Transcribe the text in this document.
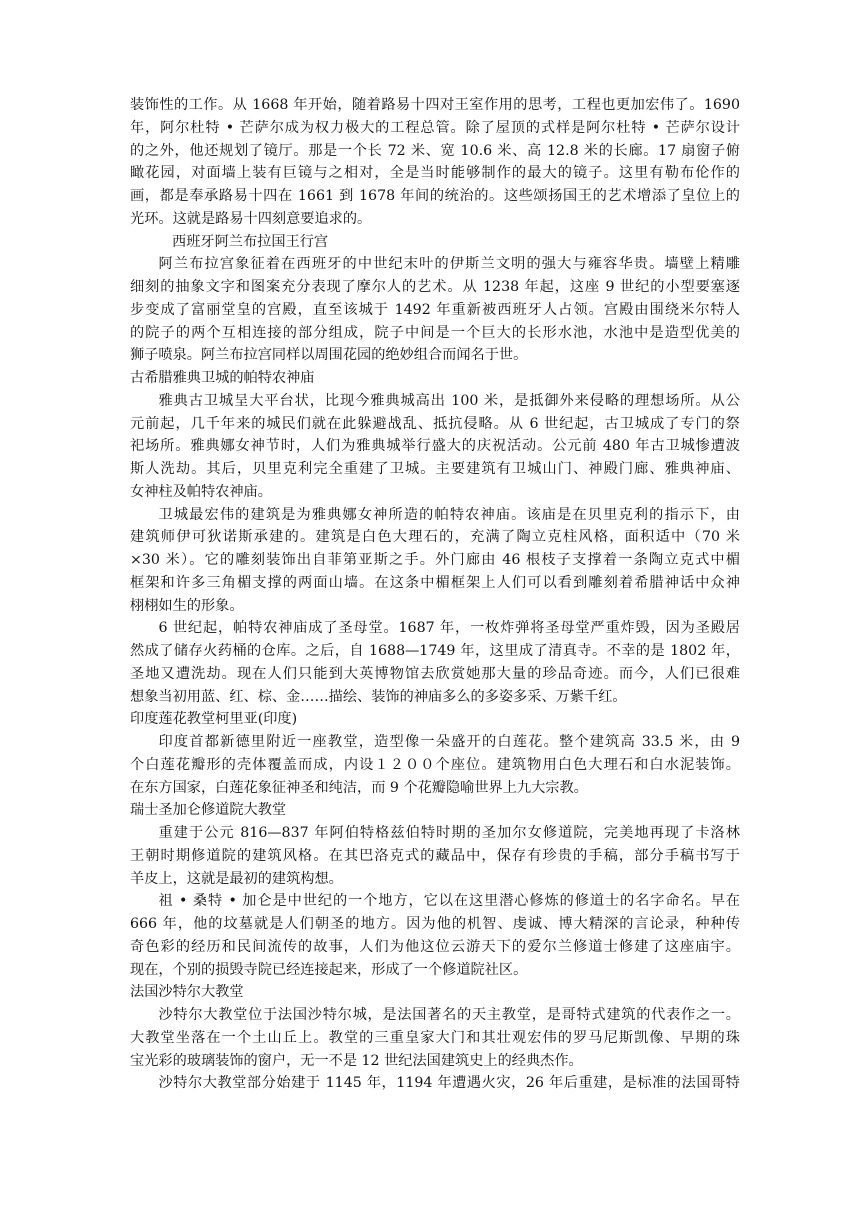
装饰性的工作。从 1668 年开始，随着路易十四对王室作用的思考，工程也更加宏伟了。1690
年，阿尔杜特 • 芒萨尔成为权力极大的工程总管。除了屋顶的式样是阿尔杜特 • 芒萨尔设计
的之外，他还规划了镜厅。那是一个长 72 米、宽 10.6 米、高 12.8 米的长廊。17 扇窗子俯
瞰花园，对面墙上装有巨镜与之相对，全是当时能够制作的最大的镜子。这里有勒布伦作的
画，都是奉承路易十四在 1661 到 1678 年间的统治的。这些颂扬国王的艺术增添了皇位上的
光环。这就是路易十四刻意要追求的。
西班牙阿兰布拉国王行宫
阿兰布拉宫象征着在西班牙的中世纪末叶的伊斯兰文明的强大与雍容华贵。墙壁上精雕
细刻的抽象文字和图案充分表现了摩尔人的艺术。从 1238 年起，这座 9 世纪的小型要塞逐
步变成了富丽堂皇的宫殿，直至该城于 1492 年重新被西班牙人占领。宫殿由围绕米尔特人
的院子的两个互相连接的部分组成，院子中间是一个巨大的长形水池，水池中是造型优美的
狮子喷泉。阿兰布拉宫同样以周围花园的绝妙组合而闻名于世。
古希腊雅典卫城的帕特农神庙
雅典古卫城呈大平台状，比现今雅典城高出 100 米，是抵御外来侵略的理想场所。从公
元前起，几千年来的城民们就在此躲避战乱、抵抗侵略。从 6 世纪起，古卫城成了专门的祭
祀场所。雅典娜女神节时，人们为雅典城举行盛大的庆祝活动。公元前 480 年古卫城惨遭波
斯人洗劫。其后，贝里克利完全重建了卫城。主要建筑有卫城山门、神殿门廊、雅典神庙、
女神柱及帕特农神庙。
卫城最宏伟的建筑是为雅典娜女神所造的帕特农神庙。该庙是在贝里克利的指示下，由
建筑师伊可狄诺斯承建的。建筑是白色大理石的，充满了陶立克柱风格，面积适中（70 米
×30 米）。它的雕刻装饰出自菲第亚斯之手。外门廊由 46 根枝子支撑着一条陶立克式中楣
框架和许多三角楣支撑的两面山墙。在这条中楣框架上人们可以看到雕刻着希腊神话中众神
栩栩如生的形象。
6 世纪起，帕特农神庙成了圣母堂。1687 年，一枚炸弹将圣母堂严重炸毁，因为圣殿居
然成了储存火药桶的仓库。之后，自 1688—1749 年，这里成了清真寺。不幸的是 1802 年，
圣地又遭洗劫。现在人们只能到大英博物馆去欣赏她那大量的珍品奇迹。而今，人们已很难
想象当初用蓝、红、棕、金……描绘、装饰的神庙多么的多姿多采、万紫千红。
印度莲花教堂柯里亚(印度)
印度首都新德里附近一座教堂，造型像一朵盛开的白莲花。整个建筑高 33.5 米，由 9
个白莲花瓣形的壳体覆盖而成，内设１２００个座位。建筑物用白色大理石和白水泥装饰。
在东方国家，白莲花象征神圣和纯洁，而 9 个花瓣隐喻世界上九大宗教。
瑞士圣加仑修道院大教堂
重建于公元 816—837 年阿伯特格兹伯特时期的圣加尔女修道院，完美地再现了卡洛林
王朝时期修道院的建筑风格。在其巴洛克式的藏品中，保存有珍贵的手稿，部分手稿书写于
羊皮上，这就是最初的建筑构想。
祖 • 桑特 • 加仑是中世纪的一个地方，它以在这里潜心修炼的修道士的名字命名。早在
666 年，他的坟墓就是人们朝圣的地方。因为他的机智、虔诚、博大精深的言论录，种种传
奇色彩的经历和民间流传的故事，人们为他这位云游天下的爱尔兰修道士修建了这座庙宇。
现在，个别的损毁寺院已经连接起来，形成了一个修道院社区。
法国沙特尔大教堂
沙特尔大教堂位于法国沙特尔城，是法国著名的天主教堂，是哥特式建筑的代表作之一。
大教堂坐落在一个土山丘上。教堂的三重皇家大门和其壮观宏伟的罗马尼斯凯像、早期的珠
宝光彩的玻璃装饰的窗户，无一不是 12 世纪法国建筑史上的经典杰作。
沙特尔大教堂部分始建于 1145 年，1194 年遭遇火灾，26 年后重建，是标准的法国哥特
